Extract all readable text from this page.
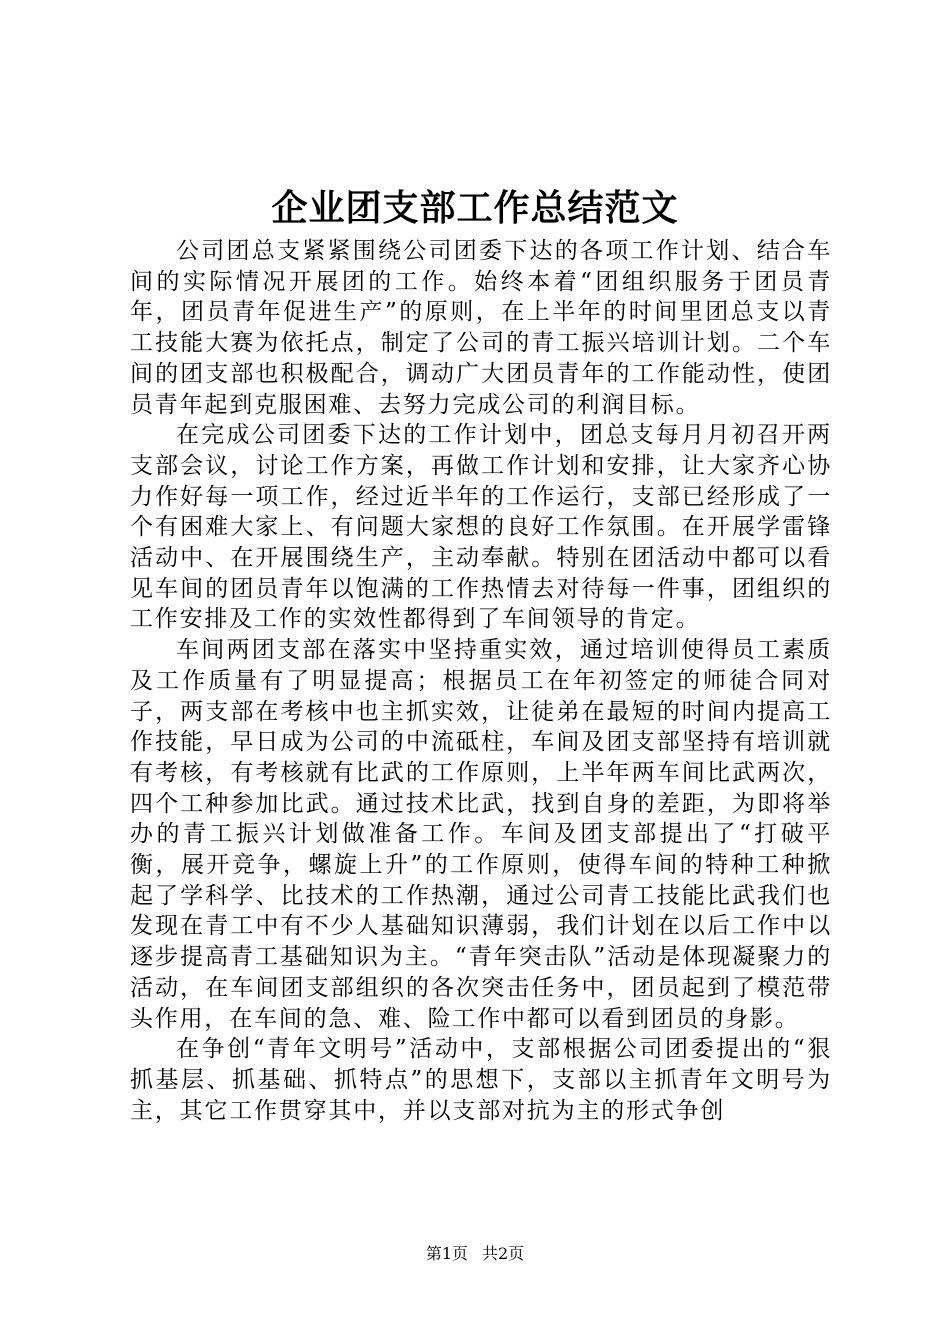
企业团支部工作总结范文

公司团总支紧紧围绕公司团委下达的各项工作计划、结合车间的实际情况开展团的工作。始终本着“团组织服务于团员青年，团员青年促进生产”的原则，在上半年的时间里团总支以青工技能大赛为依托点，制定了公司的青工振兴培训计划。二个车间的团支部也积极配合，调动广大团员青年的工作能动性，使团员青年起到克服困难、去努力完成公司的利润目标。

在完成公司团委下达的工作计划中，团总支每月月初召开两支部会议，讨论工作方案，再做工作计划和安排，让大家齐心协力作好每一项工作，经过近半年的工作运行，支部已经形成了一个有困难大家上、有问题大家想的良好工作氛围。在开展学雷锋活动中、在开展围绕生产，主动奉献。特别在团活动中都可以看见车间的团员青年以饱满的工作热情去对待每一件事，团组织的工作安排及工作的实效性都得到了车间领导的肯定。

车间两团支部在落实中坚持重实效，通过培训使得员工素质及工作质量有了明显提高；根据员工在年初签定的师徒合同对子，两支部在考核中也主抓实效，让徒弟在最短的时间内提高工作技能，早日成为公司的中流砥柱，车间及团支部坚持有培训就有考核，有考核就有比武的工作原则，上半年两车间比武两次，四个工种参加比武。通过技术比武，找到自身的差距，为即将举办的青工振兴计划做准备工作。车间及团支部提出了“打破平衡，展开竞争，螺旋上升”的工作原则，使得车间的特种工种掀起了学科学、比技术的工作热潮，通过公司青工技能比武我们也发现在青工中有不少人基础知识薄弱，我们计划在以后工作中以逐步提高青工基础知识为主。“青年突击队”活动是体现凝聚力的活动，在车间团支部组织的各次突击任务中，团员起到了模范带头作用，在车间的急、难、险工作中都可以看到团员的身影。

在争创“青年文明号”活动中，支部根据公司团委提出的“狠抓基层、抓基础、抓特点”的思想下，支部以主抓青年文明号为主，其它工作贯穿其中，并以支部对抗为主的形式争创

第1页 共2页
